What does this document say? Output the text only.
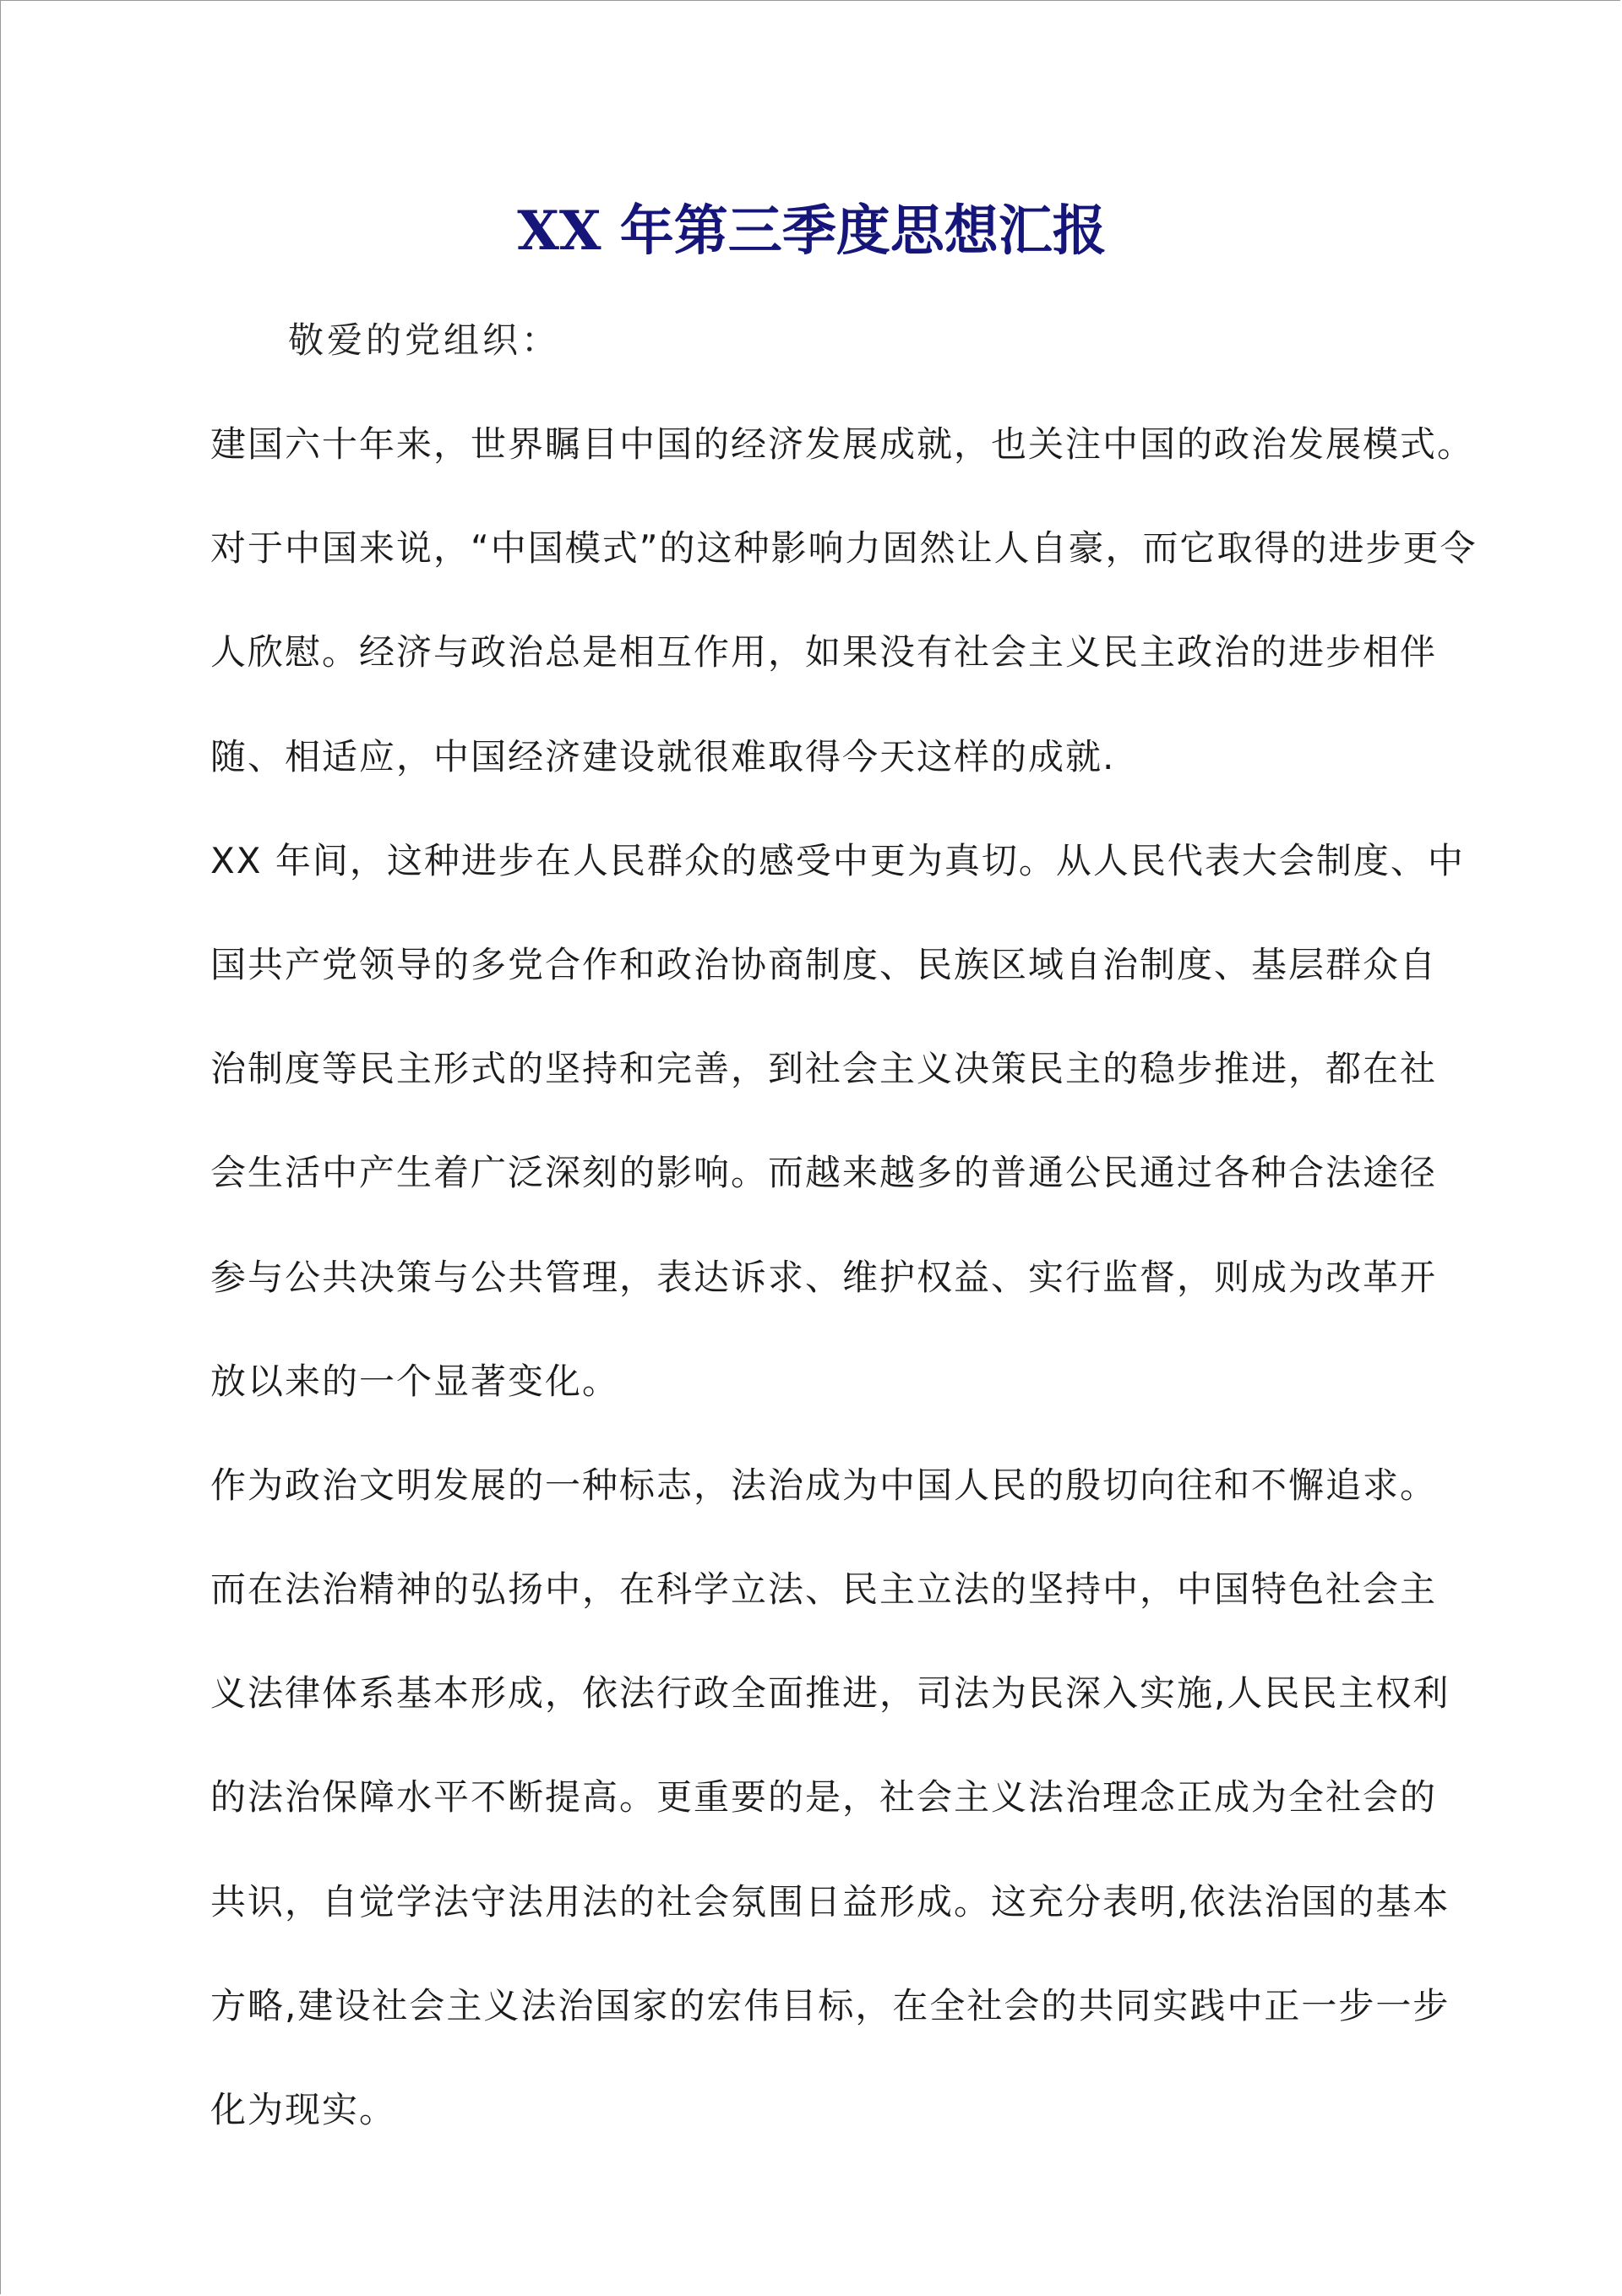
XX 年第三季度思想汇报
敬爱的党组织：
建国六十年来，世界瞩目中国的经济发展成就，也关注中国的政治发展模式。
对于中国来说，“中国模式”的这种影响力固然让人自豪，而它取得的进步更令
人欣慰。经济与政治总是相互作用，如果没有社会主义民主政治的进步相伴
随、相适应，中国经济建设就很难取得今天这样的成就.
XX 年间，这种进步在人民群众的感受中更为真切。从人民代表大会制度、中
国共产党领导的多党合作和政治协商制度、民族区域自治制度、基层群众自
治制度等民主形式的坚持和完善，到社会主义决策民主的稳步推进，都在社
会生活中产生着广泛深刻的影响。而越来越多的普通公民通过各种合法途径
参与公共决策与公共管理，表达诉求、维护权益、实行监督，则成为改革开
放以来的一个显著变化。
作为政治文明发展的一种标志，法治成为中国人民的殷切向往和不懈追求。
而在法治精神的弘扬中，在科学立法、民主立法的坚持中，中国特色社会主
义法律体系基本形成，依法行政全面推进，司法为民深入实施,人民民主权利
的法治保障水平不断提高。更重要的是，社会主义法治理念正成为全社会的
共识，自觉学法守法用法的社会氛围日益形成。这充分表明,依法治国的基本
方略,建设社会主义法治国家的宏伟目标，在全社会的共同实践中正一步一步
化为现实。
